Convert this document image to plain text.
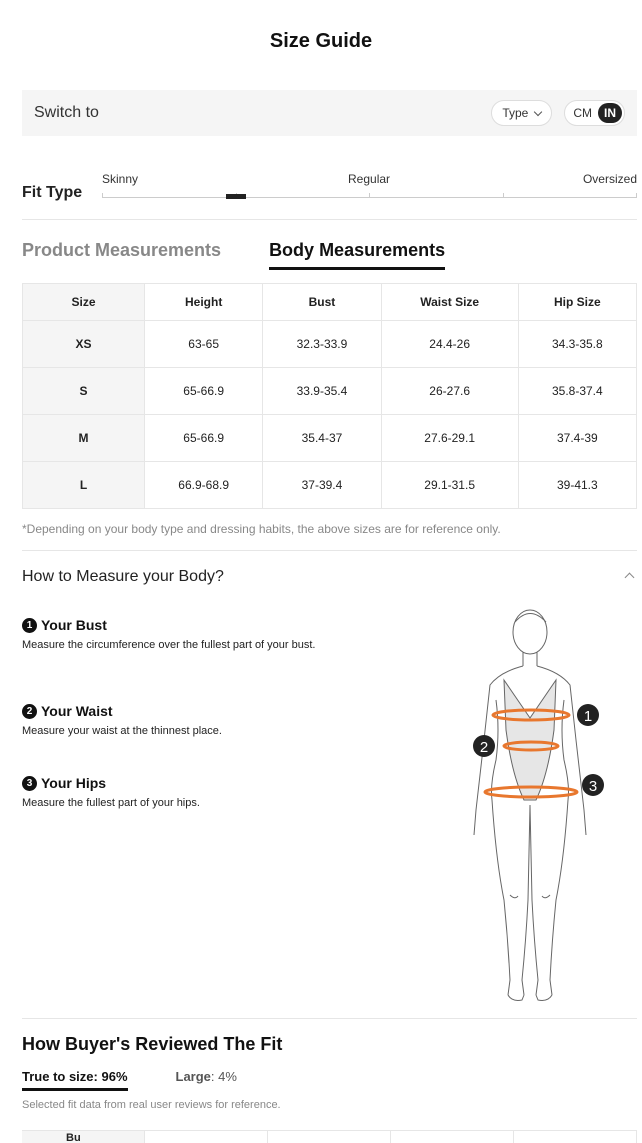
Size Guide
Switch to	Type	CM	IN
Fit Type
Skinny	Regular	Oversized
Product Measurements	Body Measurements
Size	Height	Bust	Waist Size	Hip Size
XS	63-65	32.3-33.9	24.4-26	34.3-35.8
S	65-66.9	33.9-35.4	26-27.6	35.8-37.4
M	65-66.9	35.4-37	27.6-29.1	37.4-39
L	66.9-68.9	37-39.4	29.1-31.5	39-41.3
*Depending on your body type and dressing habits, the above sizes are for reference only.
How to Measure your Body?
1 Your Bust
Measure the circumference over the fullest part of your bust.
2 Your Waist
Measure your waist at the thinnest place.
3 Your Hips
Measure the fullest part of your hips.
1
2
3
How Buyer's Reviewed The Fit
True to size: 96%	Large: 4%
Selected fit data from real user reviews for reference.
Bu
